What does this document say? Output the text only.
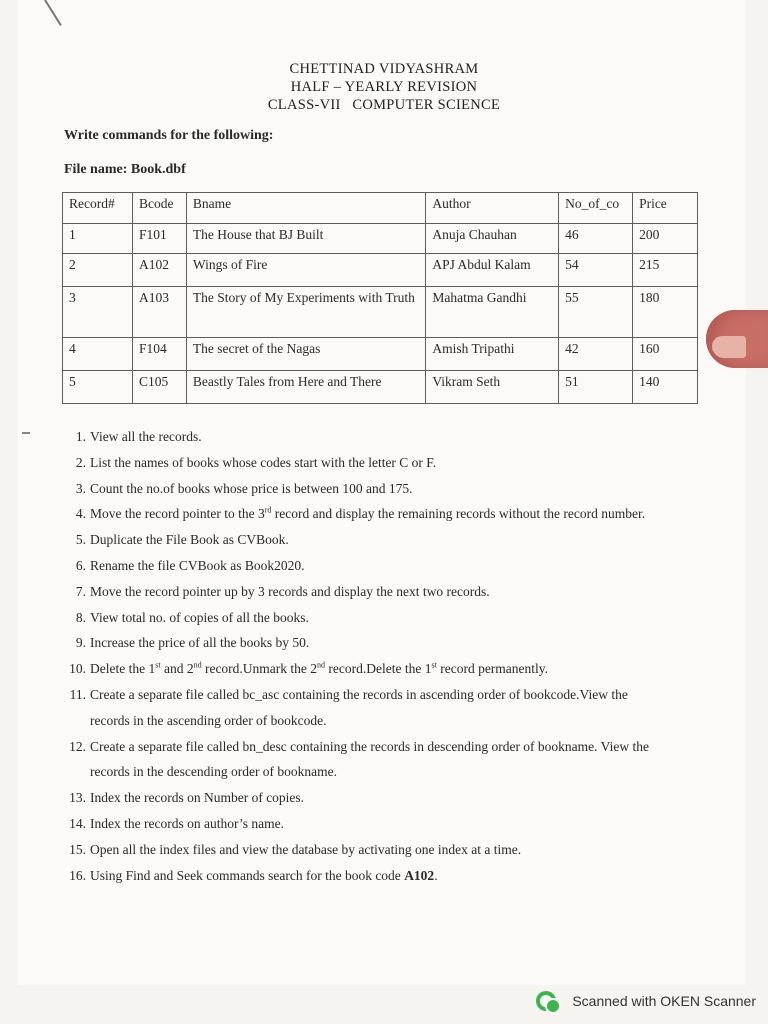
CHETTINAD VIDYASHRAM
HALF – YEARLY REVISION
CLASS-VII   COMPUTER SCIENCE
Write commands for the following:
File name: Book.dbf
Record#	Bcode	Bname	Author	No_of_co	Price
1	F101	The House that BJ Built	Anuja Chauhan	46	200
2	A102	Wings of Fire	APJ Abdul Kalam	54	215
3	A103	The Story of My Experiments with Truth	Mahatma Gandhi	55	180
4	F104	The secret of the Nagas	Amish Tripathi	42	160
5	C105	Beastly Tales from Here and There	Vikram Seth	51	140
1. View all the records.
2. List the names of books whose codes start with the letter C or F.
3. Count the no.of books whose price is between 100 and 175.
4. Move the record pointer to the 3rd record and display the remaining records without the record number.
5. Duplicate the File Book as CVBook.
6. Rename the file CVBook as Book2020.
7. Move the record pointer up by 3 records and display the next two records.
8. View total no. of copies of all the books.
9. Increase the price of all the books by 50.
10. Delete the 1st and 2nd record.Unmark the 2nd record.Delete the 1st record permanently.
11. Create a separate file called bc_asc containing the records in ascending order of bookcode.View the
records in the ascending order of bookcode.
12. Create a separate file called bn_desc containing the records in descending order of bookname. View the
records in the descending order of bookname.
13. Index the records on Number of copies.
14. Index the records on author’s name.
15. Open all the index files and view the database by activating one index at a time.
16. Using Find and Seek commands search for the book code A102.
Scanned with OKEN Scanner
